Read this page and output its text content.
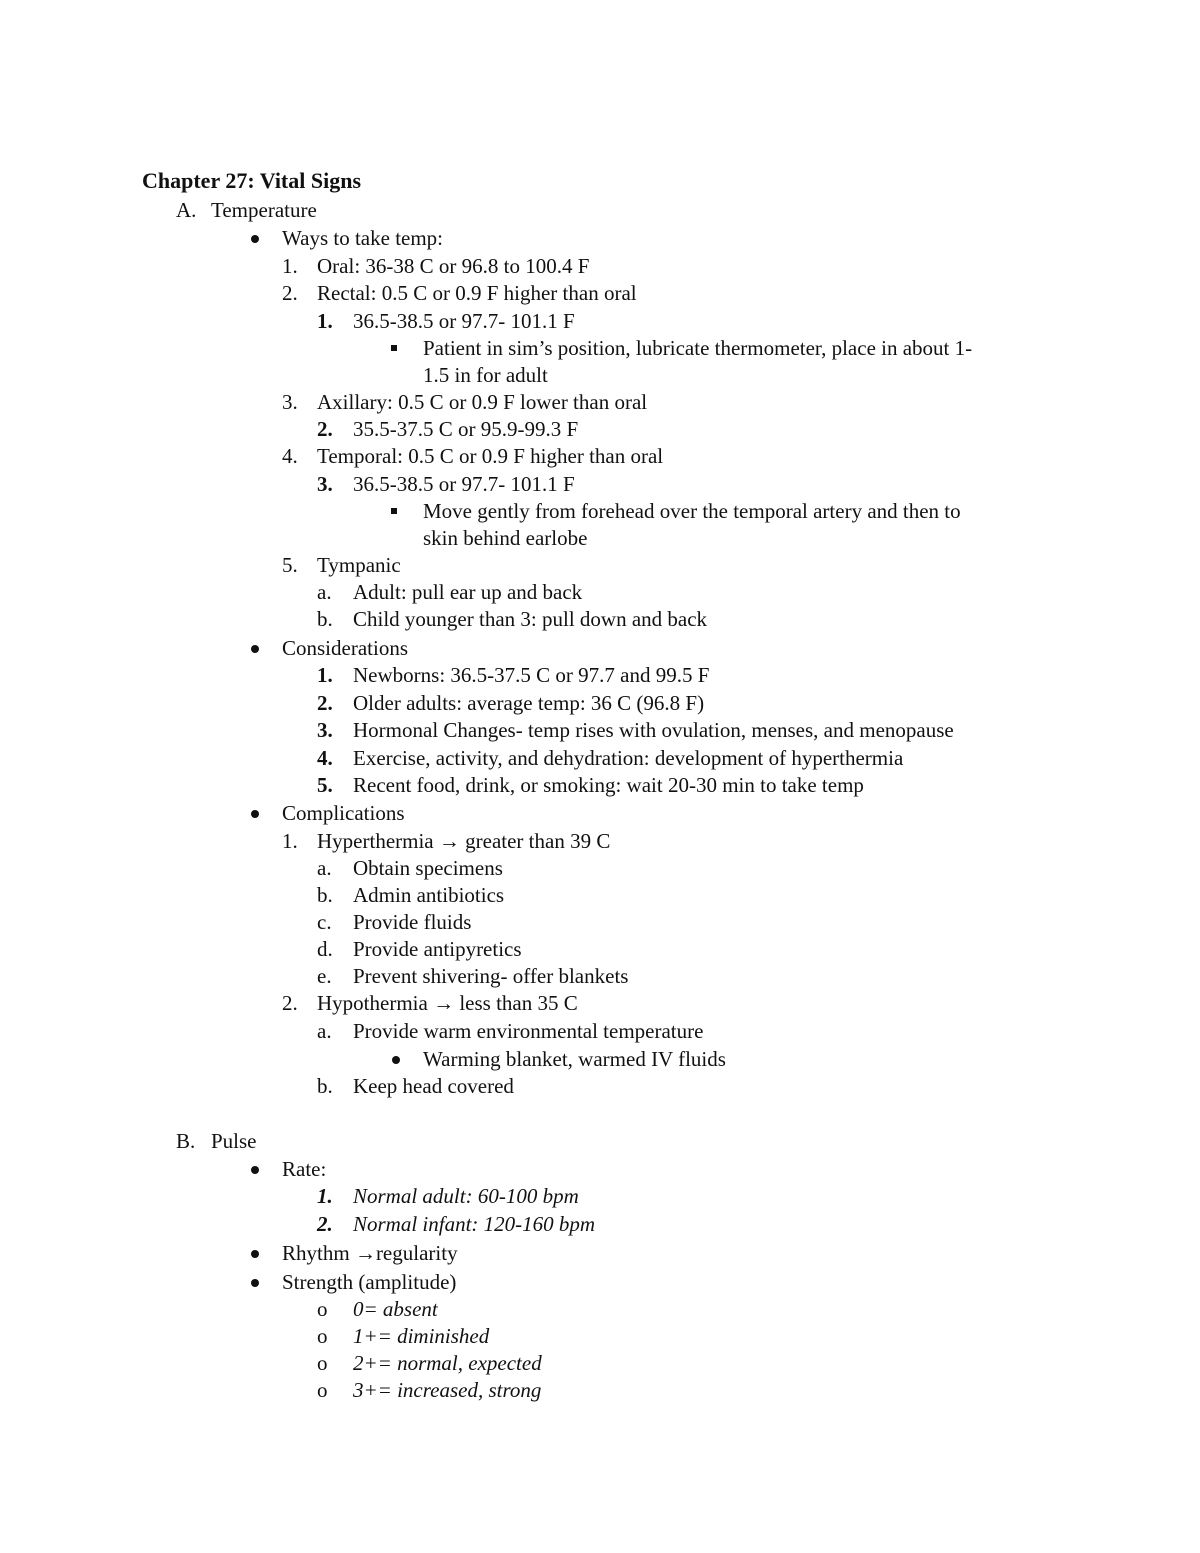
Chapter 27: Vital Signs
A. Temperature
Ways to take temp:
1. Oral: 36-38 C or 96.8 to 100.4 F
2. Rectal: 0.5 C or 0.9 F higher than oral
1. 36.5-38.5 or 97.7- 101.1 F
Patient in sim’s position, lubricate thermometer, place in about 1-
1.5 in for adult
3. Axillary: 0.5 C or 0.9 F lower than oral
2. 35.5-37.5 C or 95.9-99.3 F
4. Temporal: 0.5 C or 0.9 F higher than oral
3. 36.5-38.5 or 97.7- 101.1 F
Move gently from forehead over the temporal artery and then to
skin behind earlobe
5. Tympanic
a. Adult: pull ear up and back
b. Child younger than 3: pull down and back
Considerations
1. Newborns: 36.5-37.5 C or 97.7 and 99.5 F
2. Older adults: average temp: 36 C (96.8 F)
3. Hormonal Changes- temp rises with ovulation, menses, and menopause
4. Exercise, activity, and dehydration: development of hyperthermia
5. Recent food, drink, or smoking: wait 20-30 min to take temp
Complications
1. Hyperthermia → greater than 39 C
a. Obtain specimens
b. Admin antibiotics
c. Provide fluids
d. Provide antipyretics
e. Prevent shivering- offer blankets
2. Hypothermia → less than 35 C
a. Provide warm environmental temperature
Warming blanket, warmed IV fluids
b. Keep head covered
B. Pulse
Rate:
1. Normal adult: 60-100 bpm
2. Normal infant: 120-160 bpm
Rhythm →regularity
Strength (amplitude)
o 0= absent
o 1+= diminished
o 2+= normal, expected
o 3+= increased, strong
